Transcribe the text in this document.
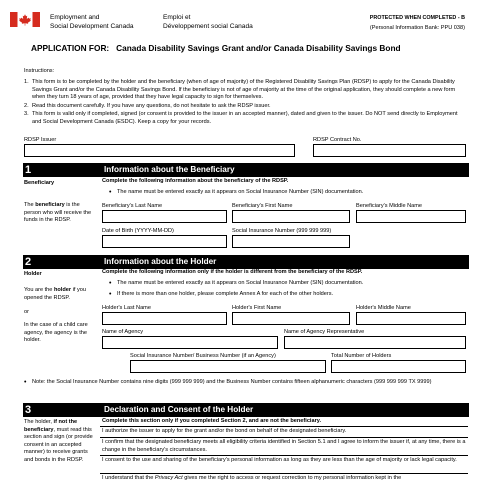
Employment and
Social Development Canada
Emploi et
Développement social Canada
PROTECTED WHEN COMPLETED - B
(Personal Information Bank: PPU 038)
APPLICATION FOR: Canada Disability Savings Grant and/or Canada Disability Savings Bond
Instructions:
1. This form is to be completed by the holder and the beneficiary (when of age of majority) of the Registered Disability Savings Plan (RDSP) to apply for the Canada Disability Savings Grant and/or the Canada Disability Savings Bond. If the beneficiary is not of age of majority at the time of the original application, they should complete a new form when they turn 18 years of age, provided that they have legal capacity to sign for themselves.
2. Read this document carefully. If you have any questions, do not hesitate to ask the RDSP issuer.
3. This form is valid only if completed, signed (or consent is provided to the issuer in an accepted manner), dated and given to the issuer. Do NOT send directly to Employment and Social Development Canada (ESDC). Keep a copy for your records.
RDSP Issuer	RDSP Contract No.
1	Information about the Beneficiary
Beneficiary
The beneficiary is the person who will receive the funds in the RDSP.
Complete the following information about the beneficiary of the RDSP.
• The name must be entered exactly as it appears on Social Insurance Number (SIN) documentation.
Beneficiary's Last Name	Beneficiary's First Name	Beneficiary's Middle Name
Date of Birth (YYYY-MM-DD)	Social Insurance Number (999 999 999)
2	Information about the Holder
Holder
You are the holder if you opened the RDSP.
or
In the case of a child care agency, the agency is the holder.
Complete the following information only if the holder is different from the beneficiary of the RDSP.
• The name must be entered exactly as it appears on Social Insurance Number (SIN) documentation.
• If there is more than one holder, please complete Annex A for each of the other holders.
Holder's Last Name	Holder's First Name	Holder's Middle Name
Name of Agency	Name of Agency Representative
Social Insurance Number/ Business Number (if an Agency)	Total Number of Holders
• Note: the Social Insurance Number contains nine digits (999 999 999) and the Business Number contains fifteen alphanumeric characters (999 999 999 TX 9999)
3	Declaration and Consent of the Holder
The holder, if not the beneficiary, must read this section and sign (or provide consent in an accepted manner) to receive grants and bonds in the RDSP.
Complete this section only if you completed Section 2, and are not the beneficiary.
I authorize the issuer to apply for the grant and/or the bond on behalf of the designated beneficiary.
I confirm that the designated beneficiary meets all eligibility criteria identified in Section 5.1 and I agree to inform the issuer if, at any time, there is a change in the beneficiary's circumstances.
I consent to the use and sharing of the beneficiary's personal information as long as they are less than the age of majority or lack legal capacity.
I understand that the Privacy Act gives me the right to access or request correction to my personal information kept in the
